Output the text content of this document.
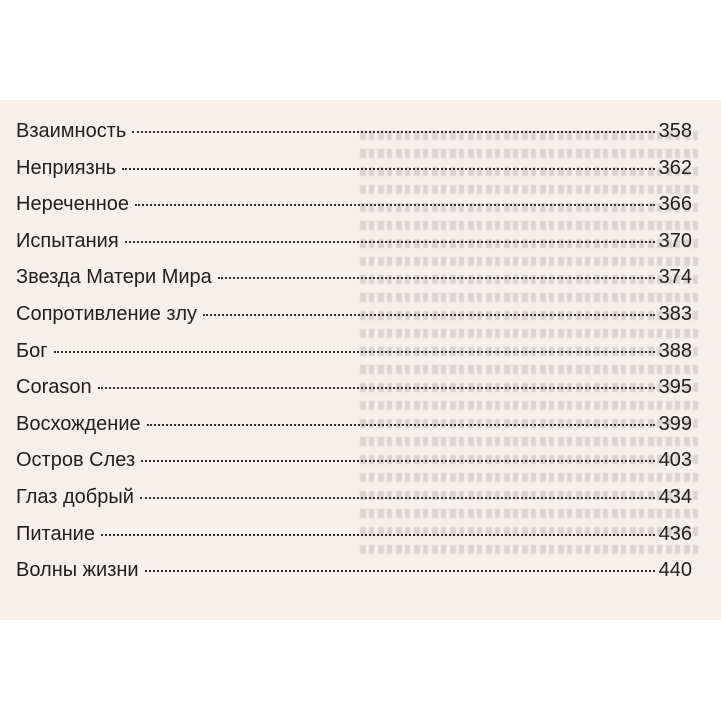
Взаимность	358
Неприязнь	362
Нереченное	366
Испытания	370
Звезда Матери Мира	374
Сопротивление злу	383
Бог	388
Corason	395
Восхождение	399
Остров Слез	403
Глаз добрый	434
Питание	436
Волны жизни	440
